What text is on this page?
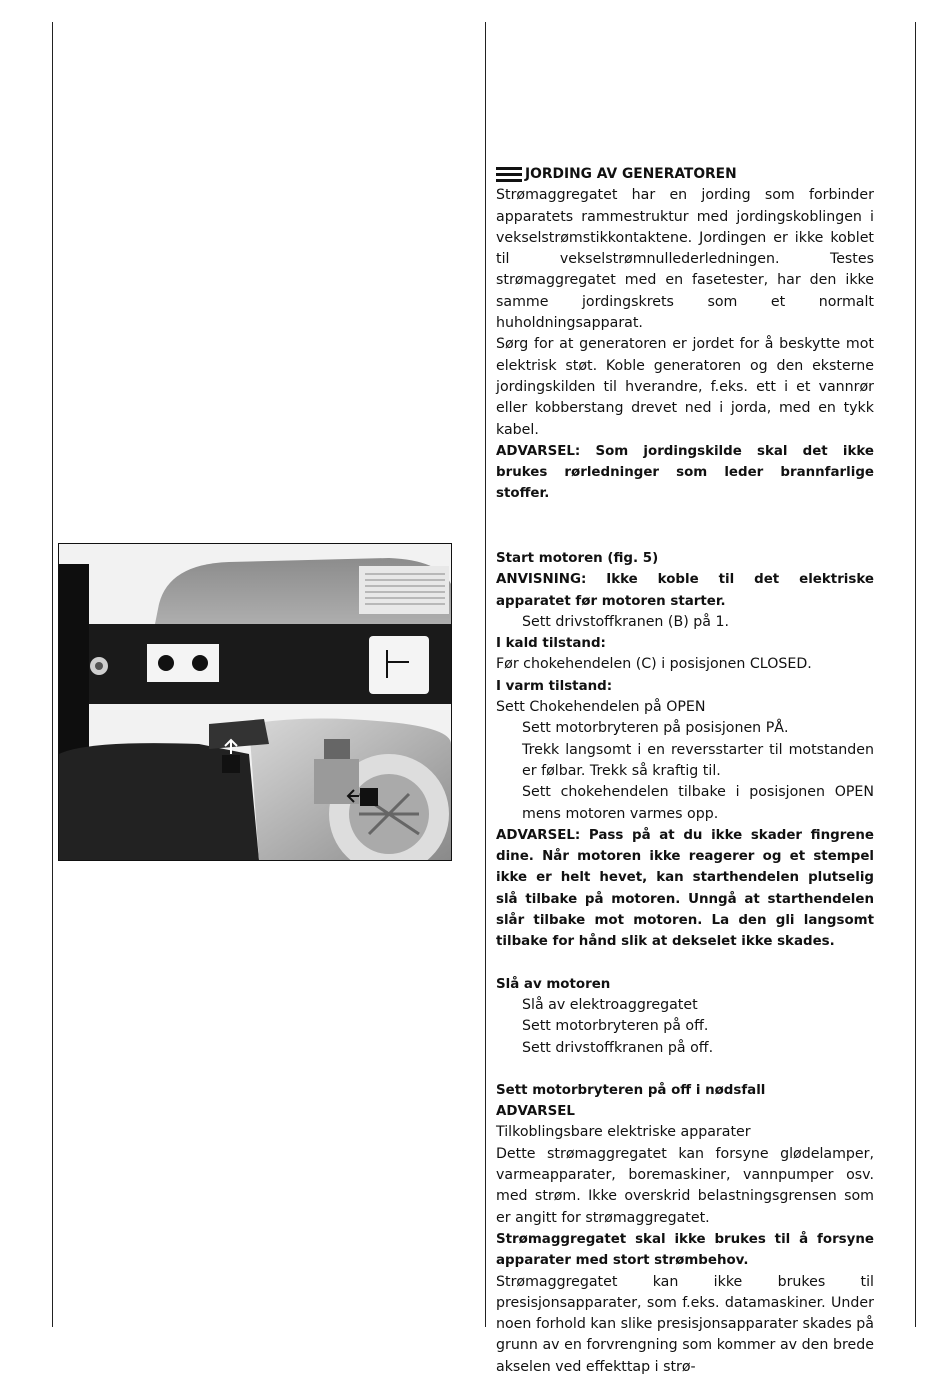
JORDING AV GENERATOREN

Strømaggregatet har en jording som forbinder apparatets rammestruktur med jordingskoblingen i vekselstrømstikkontaktene. Jordingen er ikke koblet til vekselstrømnullederledningen. Testes strømaggregatet med en fasetester, har den ikke samme jordingskrets som et normalt huholdningsapparat.

Sørg for at generatoren er jordet for å beskytte mot elektrisk støt. Koble generatoren og den eksterne jordingskilden til hverandre, f.eks. ett i et vannrør eller kobberstang drevet ned i jorda, med en tykk kabel.

ADVARSEL: Som jordingskilde skal det ikke brukes rørledninger som leder brannfarlige stoffer.

Start motoren (fig. 5)

ANVISNING: Ikke koble til det elektriske apparatet før motoren starter.

Sett drivstoffkranen (B) på 1.

I kald tilstand:

Før chokehendelen (C) i posisjonen CLOSED.

I varm tilstand:

Sett Chokehendelen på OPEN

Sett motorbryteren på posisjonen PÅ.

Trekk langsomt i en reversstarter til motstanden er følbar. Trekk så kraftig til.

Sett chokehendelen tilbake i posisjonen OPEN mens motoren varmes opp.

ADVARSEL: Pass på at du ikke skader fingrene dine. Når motoren ikke reagerer og et stempel ikke er helt hevet, kan starthendelen plutselig slå tilbake på motoren. Unngå at starthendelen slår tilbake mot motoren. La den gli langsomt tilbake for hånd slik at dekselet ikke skades.

Slå av motoren

Slå av elektroaggregatet

Sett motorbryteren på off.

Sett drivstoffkranen på off.

Sett motorbryteren på off i nødsfall

ADVARSEL

Tilkoblingsbare elektriske apparater

Dette strømaggregatet kan forsyne glødelamper, varmeapparater, boremaskiner, vannpumper osv. med strøm. Ikke overskrid belastningsgrensen som er angitt for strømaggregatet.

Strømaggregatet skal ikke brukes til å forsyne apparater med stort strømbehov.

Strømaggregatet kan ikke brukes til presisjonsapparater, som f.eks. datamaskiner. Under noen forhold kan slike presisjonsapparater skades på grunn av en forvrengning som kommer av den brede akselen ved effekttap i strø-
